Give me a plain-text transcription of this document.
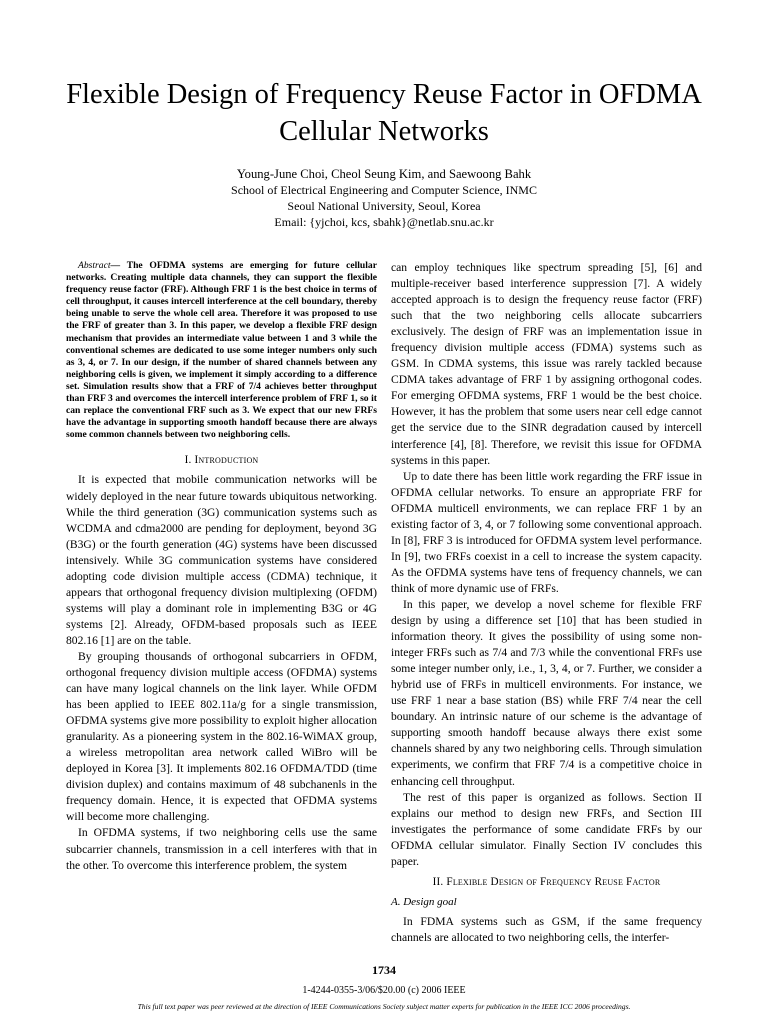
Flexible Design of Frequency Reuse Factor in OFDMA Cellular Networks
Young-June Choi, Cheol Seung Kim, and Saewoong Bahk
School of Electrical Engineering and Computer Science, INMC
Seoul National University, Seoul, Korea
Email: {yjchoi, kcs, sbahk}@netlab.snu.ac.kr

Abstract— The OFDMA systems are emerging for future cellular networks. Creating multiple data channels, they can support the flexible frequency reuse factor (FRF). Although FRF 1 is the best choice in terms of cell throughput, it causes intercell interference at the cell boundary, thereby being unable to serve the whole cell area. Therefore it was proposed to use the FRF of greater than 3. In this paper, we develop a flexible FRF design mechanism that provides an intermediate value between 1 and 3 while the conventional schemes are dedicated to use some integer numbers only such as 3, 4, or 7. In our design, if the number of shared channels between any neighboring cells is given, we implement it simply according to a difference set. Simulation results show that a FRF of 7/4 achieves better throughput than FRF 3 and overcomes the intercell interference problem of FRF 1, so it can replace the conventional FRF such as 3. We expect that our new FRFs have the advantage in supporting smooth handoff because there are always some common channels between two neighboring cells.

I. Introduction

It is expected that mobile communication networks will be widely deployed in the near future towards ubiquitous networking. While the third generation (3G) communication systems such as WCDMA and cdma2000 are pending for deployment, beyond 3G (B3G) or the fourth generation (4G) systems have been discussed intensively. While 3G communication systems have considered adopting code division multiple access (CDMA) technique, it appears that orthogonal frequency division multiplexing (OFDM) systems will play a dominant role in implementing B3G or 4G systems [2]. Already, OFDM-based proposals such as IEEE 802.16 [1] are on the table.

By grouping thousands of orthogonal subcarriers in OFDM, orthogonal frequency division multiple access (OFDMA) systems can have many logical channels on the link layer. While OFDM has been applied to IEEE 802.11a/g for a single transmission, OFDMA systems give more possibility to exploit higher allocation granularity. As a pioneering system in the 802.16-WiMAX group, a wireless metropolitan area network called WiBro will be deployed in Korea [3]. It implements 802.16 OFDMA/TDD (time division duplex) and contains maximum of 48 subchanenls in the frequency domain. Hence, it is expected that OFDMA systems will become more challenging.

In OFDMA systems, if two neighboring cells use the same subcarrier channels, transmission in a cell interferes with that in the other. To overcome this interference problem, the system

can employ techniques like spectrum spreading [5], [6] and multiple-receiver based interference suppression [7]. A widely accepted approach is to design the frequency reuse factor (FRF) such that the two neighboring cells allocate subcarriers exclusively. The design of FRF was an implementation issue in frequency division multiple access (FDMA) systems such as GSM. In CDMA systems, this issue was rarely tackled because CDMA takes advantage of FRF 1 by assigning orthogonal codes. For emerging OFDMA systems, FRF 1 would be the best choice. However, it has the problem that some users near cell edge cannot get the service due to the SINR degradation caused by intercell interference [4], [8]. Therefore, we revisit this issue for OFDMA systems in this paper.

Up to date there has been little work regarding the FRF issue in OFDMA cellular networks. To ensure an appropriate FRF for OFDMA multicell environments, we can replace FRF 1 by an existing factor of 3, 4, or 7 following some conventional approach. In [8], FRF 3 is introduced for OFDMA system level performance. In [9], two FRFs coexist in a cell to increase the system capacity. As the OFDMA systems have tens of frequency channels, we can think of more dynamic use of FRFs.

In this paper, we develop a novel scheme for flexible FRF design by using a difference set [10] that has been studied in information theory. It gives the possibility of using some non-integer FRFs such as 7/4 and 7/3 while the conventional FRFs use some integer number only, i.e., 1, 3, 4, or 7. Further, we consider a hybrid use of FRFs in multicell environments. For instance, we use FRF 1 near a base station (BS) while FRF 7/4 near the cell boundary. An intrinsic nature of our scheme is the advantage of supporting smooth handoff because always there exist some channels shared by any two neighboring cells. Through simulation experiments, we confirm that FRF 7/4 is a competitive choice in enhancing cell throughput.

The rest of this paper is organized as follows. Section II explains our method to design new FRFs, and Section III investigates the performance of some candidate FRFs by our OFDMA cellular simulator. Finally Section IV concludes this paper.

II. Flexible Design of Frequency Reuse Factor
A. Design goal

In FDMA systems such as GSM, if the same frequency channels are allocated to two neighboring cells, the interfer-

1734
1-4244-0355-3/06/$20.00 (c) 2006 IEEE
This full text paper was peer reviewed at the direction of IEEE Communications Society subject matter experts for publication in the IEEE ICC 2006 proceedings.
